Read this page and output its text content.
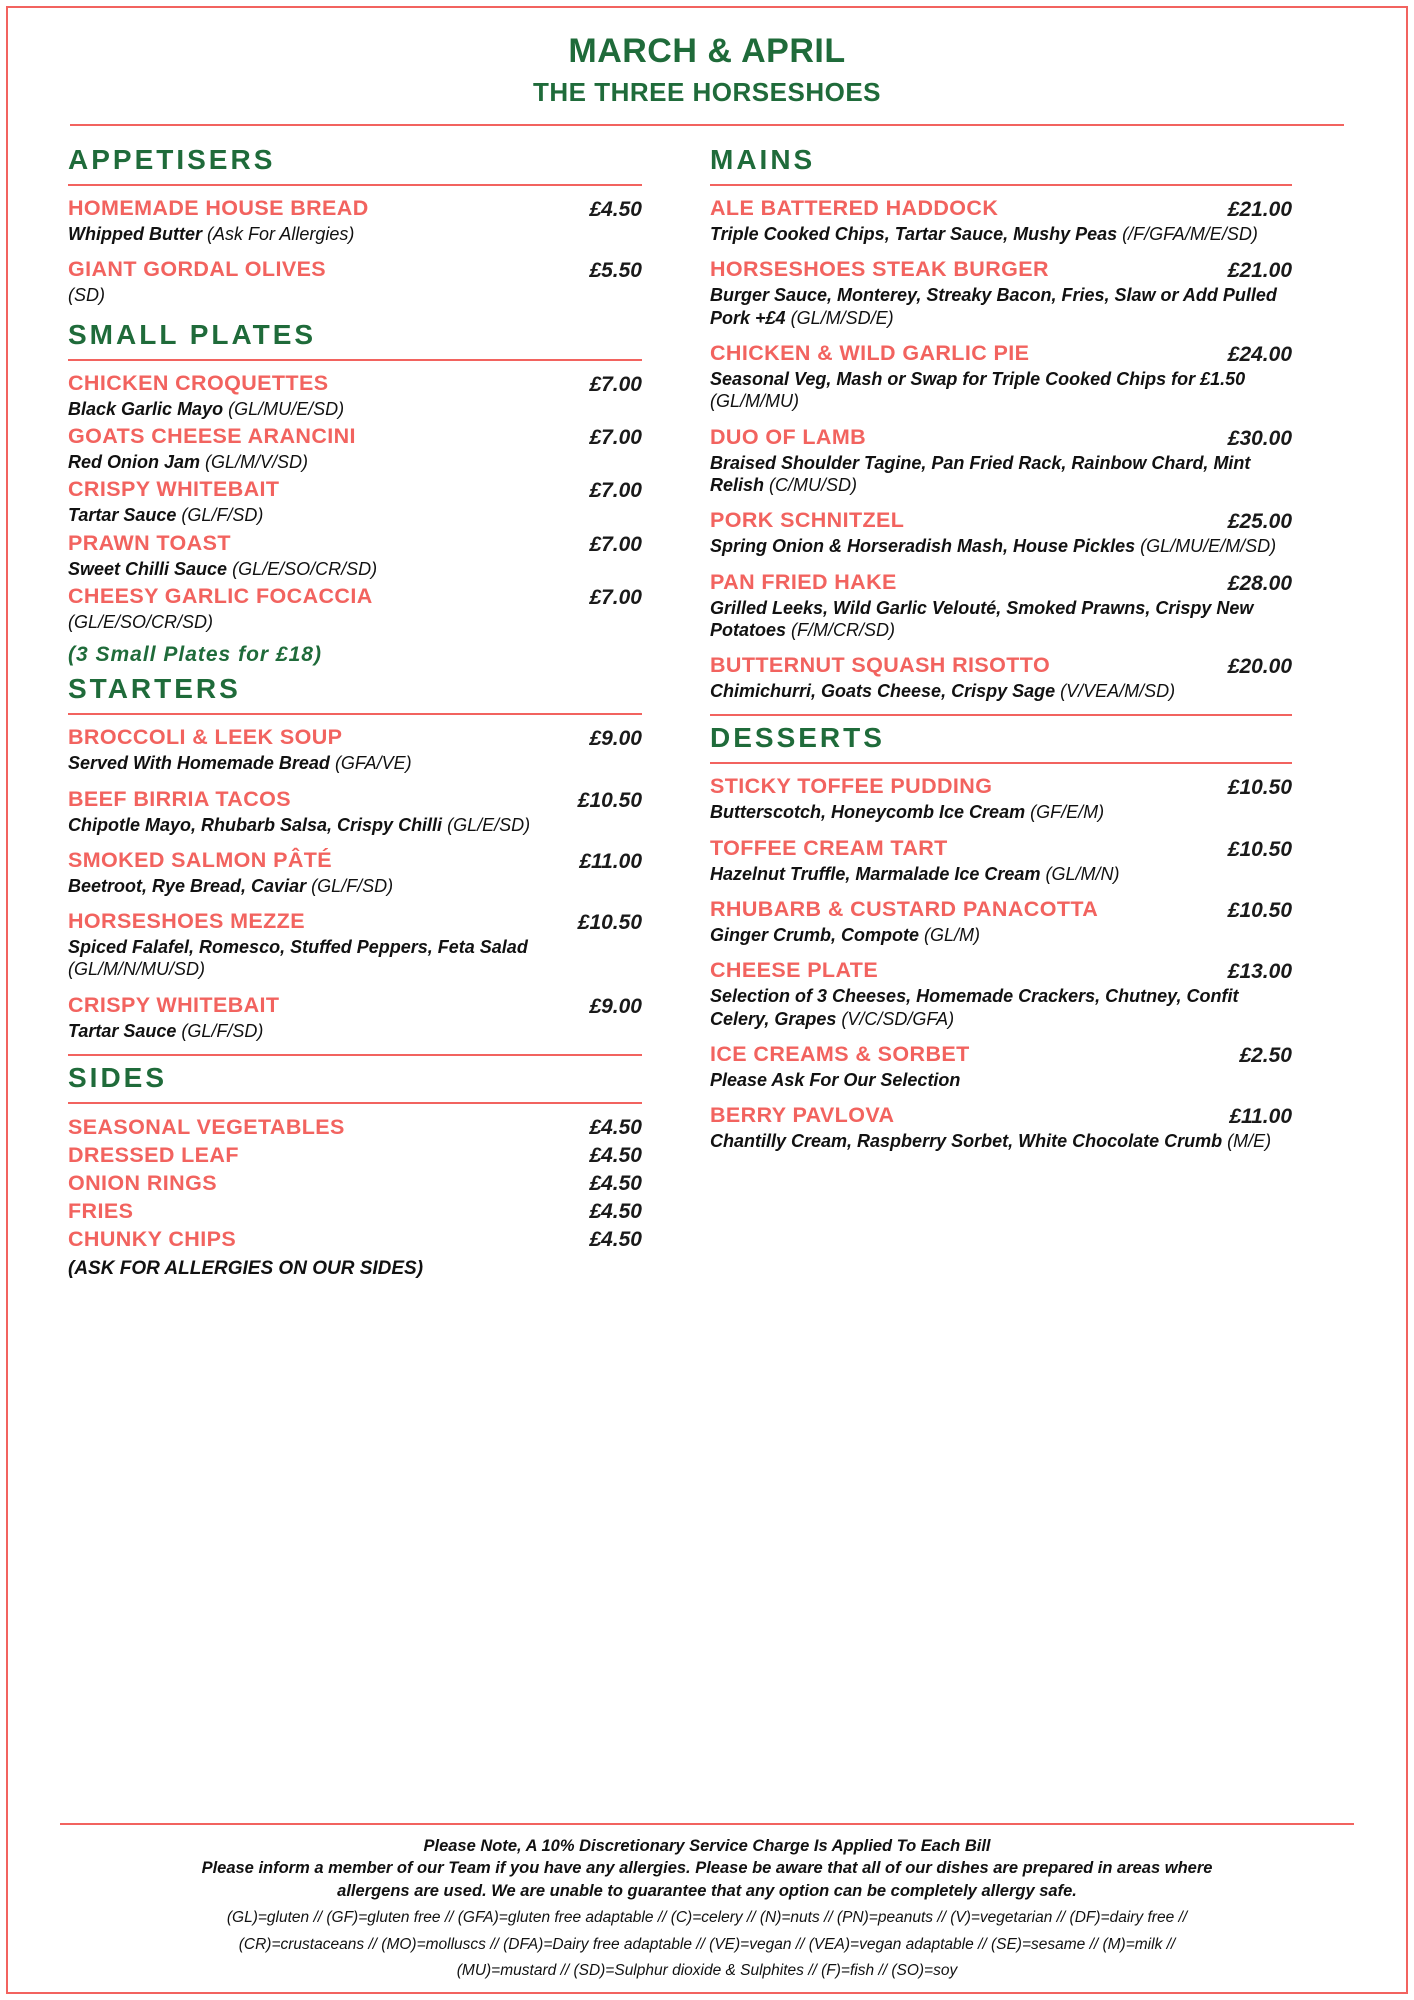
MARCH & APRIL
THE THREE HORSESHOES
APPETISERS
HOMEMADE HOUSE BREAD	£4.50
Whipped Butter (Ask For Allergies)
GIANT GORDAL OLIVES	£5.50
(SD)
SMALL PLATES
CHICKEN CROQUETTES	£7.00
Black Garlic Mayo (GL/MU/E/SD)
GOATS CHEESE ARANCINI	£7.00
Red Onion Jam (GL/M/V/SD)
CRISPY WHITEBAIT	£7.00
Tartar Sauce (GL/F/SD)
PRAWN TOAST	£7.00
Sweet Chilli Sauce (GL/E/SO/CR/SD)
CHEESY GARLIC FOCACCIA	£7.00
(GL/E/SO/CR/SD)
(3 Small Plates for £18)
STARTERS
BROCCOLI & LEEK SOUP	£9.00
Served With Homemade Bread (GFA/VE)
BEEF BIRRIA TACOS	£10.50
Chipotle Mayo, Rhubarb Salsa, Crispy Chilli (GL/E/SD)
SMOKED SALMON PÂTÉ	£11.00
Beetroot, Rye Bread, Caviar (GL/F/SD)
HORSESHOES MEZZE	£10.50
Spiced Falafel, Romesco, Stuffed Peppers, Feta Salad (GL/M/N/MU/SD)
CRISPY WHITEBAIT	£9.00
Tartar Sauce (GL/F/SD)
SIDES
SEASONAL VEGETABLES	£4.50
DRESSED LEAF	£4.50
ONION RINGS	£4.50
FRIES	£4.50
CHUNKY CHIPS	£4.50
(ASK FOR ALLERGIES ON OUR SIDES)
MAINS
ALE BATTERED HADDOCK	£21.00
Triple Cooked Chips, Tartar Sauce, Mushy Peas (/F/GFA/M/E/SD)
HORSESHOES STEAK BURGER	£21.00
Burger Sauce, Monterey, Streaky Bacon, Fries, Slaw or Add Pulled Pork +£4 (GL/M/SD/E)
CHICKEN & WILD GARLIC PIE	£24.00
Seasonal Veg, Mash or Swap for Triple Cooked Chips for £1.50 (GL/M/MU)
DUO OF LAMB	£30.00
Braised Shoulder Tagine, Pan Fried Rack, Rainbow Chard, Mint Relish (C/MU/SD)
PORK SCHNITZEL	£25.00
Spring Onion & Horseradish Mash, House Pickles (GL/MU/E/M/SD)
PAN FRIED HAKE	£28.00
Grilled Leeks, Wild Garlic Velouté, Smoked Prawns, Crispy New Potatoes (F/M/CR/SD)
BUTTERNUT SQUASH RISOTTO	£20.00
Chimichurri, Goats Cheese, Crispy Sage (V/VEA/M/SD)
DESSERTS
STICKY TOFFEE PUDDING	£10.50
Butterscotch, Honeycomb Ice Cream (GF/E/M)
TOFFEE CREAM TART	£10.50
Hazelnut Truffle, Marmalade Ice Cream (GL/M/N)
RHUBARB & CUSTARD PANACOTTA	£10.50
Ginger Crumb, Compote (GL/M)
CHEESE PLATE	£13.00
Selection of 3 Cheeses, Homemade Crackers, Chutney, Confit Celery, Grapes (V/C/SD/GFA)
ICE CREAMS & SORBET	£2.50
Please Ask For Our Selection
BERRY PAVLOVA	£11.00
Chantilly Cream, Raspberry Sorbet, White Chocolate Crumb (M/E)
Please Note, A 10% Discretionary Service Charge Is Applied To Each Bill
Please inform a member of our Team if you have any allergies. Please be aware that all of our dishes are prepared in areas where
allergens are used. We are unable to guarantee that any option can be completely allergy safe.
(GL)=gluten // (GF)=gluten free // (GFA)=gluten free adaptable // (C)=celery // (N)=nuts // (PN)=peanuts // (V)=vegetarian // (DF)=dairy free //
(CR)=crustaceans // (MO)=molluscs // (DFA)=Dairy free adaptable // (VE)=vegan // (VEA)=vegan adaptable // (SE)=sesame // (M)=milk //
(MU)=mustard // (SD)=Sulphur dioxide & Sulphites // (F)=fish // (SO)=soy
